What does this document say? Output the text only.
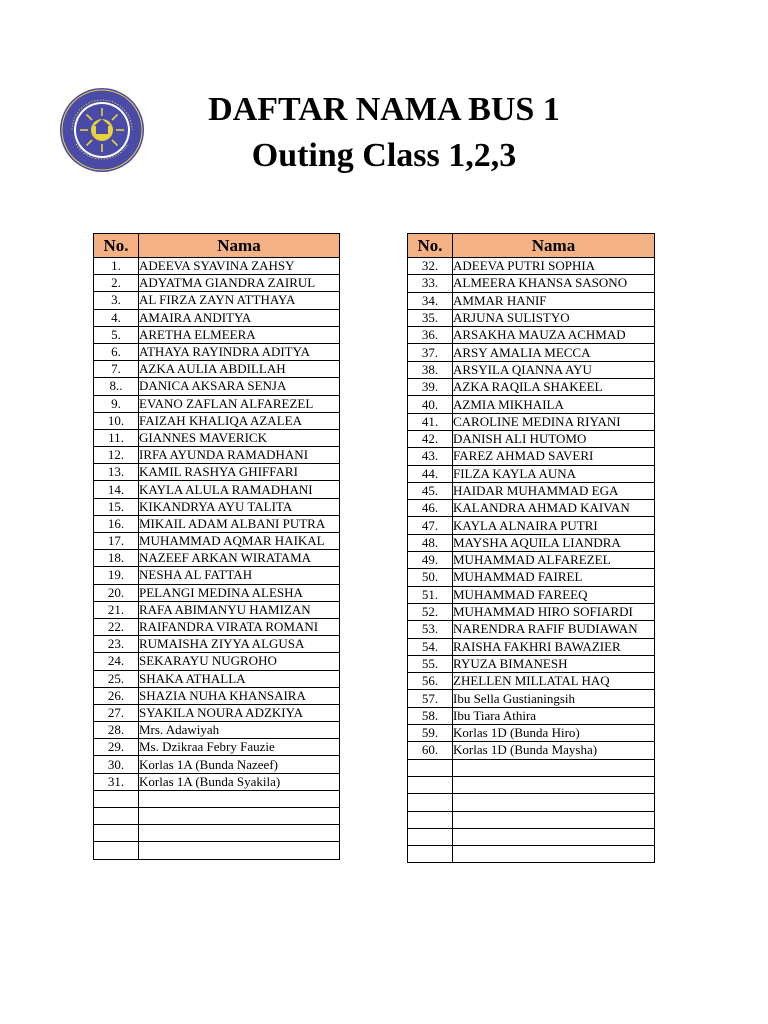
DAFTAR NAMA BUS 1
Outing Class 1,2,3
No.	Nama
1.	ADEEVA SYAVINA ZAHSY
2.	ADYATMA GIANDRA ZAIRUL
3.	AL FIRZA ZAYN ATTHAYA
4.	AMAIRA ANDITYA
5.	ARETHA ELMEERA
6.	ATHAYA RAYINDRA ADITYA
7.	AZKA AULIA ABDILLAH
8..	DANICA AKSARA SENJA
9.	EVANO ZAFLAN ALFAREZEL
10.	FAIZAH KHALIQA AZALEA
11.	GIANNES MAVERICK
12.	IRFA AYUNDA RAMADHANI
13.	KAMIL RASHYA GHIFFARI
14.	KAYLA ALULA RAMADHANI
15.	KIKANDRYA AYU TALITA
16.	MIKAIL ADAM ALBANI PUTRA
17.	MUHAMMAD AQMAR HAIKAL
18.	NAZEEF ARKAN WIRATAMA
19.	NESHA AL FATTAH
20.	PELANGI MEDINA ALESHA
21.	RAFA ABIMANYU HAMIZAN
22.	RAIFANDRA VIRATA ROMANI
23.	RUMAISHA ZIYYA ALGUSA
24.	SEKARAYU NUGROHO
25.	SHAKA ATHALLA
26.	SHAZIA NUHA KHANSAIRA
27.	SYAKILA NOURA ADZKIYA
28.	Mrs. Adawiyah
29.	Ms. Dzikraa Febry Fauzie
30.	Korlas 1A (Bunda Nazeef)
31.	Korlas 1A (Bunda Syakila)

No.	Nama
32.	ADEEVA PUTRI SOPHIA
33.	ALMEERA KHANSA SASONO
34.	AMMAR HANIF
35.	ARJUNA SULISTYO
36.	ARSAKHA MAUZA ACHMAD
37.	ARSY AMALIA MECCA
38.	ARSYILA QIANNA AYU
39.	AZKA RAQILA SHAKEEL
40.	AZMIA MIKHAILA
41.	CAROLINE MEDINA RIYANI
42.	DANISH ALI HUTOMO
43.	FAREZ AHMAD SAVERI
44.	FILZA KAYLA AUNA
45.	HAIDAR MUHAMMAD EGA
46.	KALANDRA AHMAD KAIVAN
47.	KAYLA ALNAIRA PUTRI
48.	MAYSHA AQUILA LIANDRA
49.	MUHAMMAD ALFAREZEL
50.	MUHAMMAD FAIREL
51.	MUHAMMAD FAREEQ
52.	MUHAMMAD HIRO SOFIARDI
53.	NARENDRA RAFIF BUDIAWAN
54.	RAISHA FAKHRI BAWAZIER
55.	RYUZA BIMANESH
56.	ZHELLEN MILLATAL HAQ
57.	Ibu Sella Gustianingsih
58.	Ibu Tiara Athira
59.	Korlas 1D (Bunda Hiro)
60.	Korlas 1D (Bunda Maysha)
